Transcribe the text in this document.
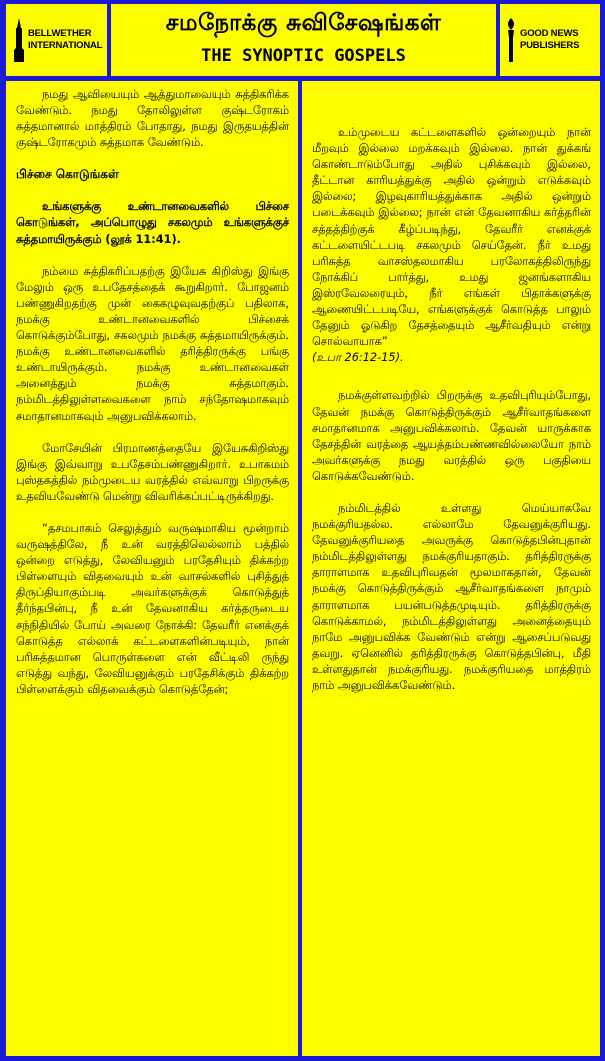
BELLWETHER
INTERNATIONAL
சமநோக்கு சுவிசேஷங்கள்
THE SYNOPTIC GOSPELS
GOOD NEWS
PUBLISHERS

நமது ஆவியையும் ஆத்துமாவையும் சுத்திகரிக்க வேண்டும். நமது தோலிலுள்ள குஷ்டரோகம் சுத்தமானால் மாத்திரம் போதாது, நமது இருதயத்தின் குஷ்டரோகமும் சுத்தமாக வேண்டும்.

பிச்சை கொடுங்கள்

உங்களுக்கு உண்டானவைகளில் பிச்சை கொடுங்கள், அப்பொழுது சகலமும் உங்களுக்குச் சுத்தமாயிருக்கும் (லூக் 11:41).

நம்மை சுத்திகரிப்பதற்கு இயேசு கிறிஸ்து இங்கு மேலும் ஒரு உபதேசத்தைக் கூறுகிறார். போஜனம் பண்ணுகிறதற்கு முன் கைகழுவுவதற்குப் பதிலாக, நமக்கு உண்டானவைகளில் பிச்சைக் கொடுக்கும்போது, சகலமும் நமக்கு சுத்தமாயிருக்கும். நமக்கு உண்டானவைகளில் தரித்திரருக்கு பங்கு உண்டாயிருக்கும். நமக்கு உண்டானவைகள் அனைத்தும் நமக்கு சுத்தமாகும். நம்மிடத்திலுள்ளவைகளை நாம் சந்தோஷமாகவும் சமாதானமாகவும் அனுபவிக்கலாம்.

மோசேயின் பிரமாணத்தையே இயேசுகிறிஸ்து இங்கு இவ்வாறு உபதேசம்பண்ணுகிறார். உபாகமம் புஸ்தகத்தில் நம்முடைய வரத்தில் எவ்வாறு பிறருக்கு உதவியவேண்டு மென்று விவரிக்கப்பட்டிருக்கிறது.

“தசமபாகம் செலுத்தும் வருஷமாகிய மூன்றாம் வருஷத்திலே, நீ உன் வரத்திலெல்லாம் பத்தில் ஒன்றை எடுத்து, லேவியனும் பரதேசியும் திக்கற்ற பிள்ளையும் விதவையும் உன் வாசல்களில் புசித்துத் திருப்தியாகும்படி அவர்களுக்குக் கொடுத்துத் தீர்ந்தபின்பு, நீ உன் தேவனாகிய கர்த்தருடைய சந்நிதியில் போய் அவரை நோக்கி: தேவரீர் எனக்குக் கொடுத்த எல்லாக் கட்டளைகளின்படியும், நான் பரிசுத்தமான பொருள்களை என் வீட்டிலி ருந்து எடுத்து வந்து, லேவியனுக்கும் பரதேசிக்கும் திக்கற்ற பிள்ளைக்கும் விதவைக்கும் கொடுத்தேன்;

உம்முடைய கட்டளைகளில் ஒன்றையும் நான் மீறவும் இல்லை மறக்கவும் இல்லை. நான் துக்கங் கொண்டாடும்போது அதில் புசிக்கவும் இல்லை, தீட்டான காரியத்துக்கு அதில் ஒன்றும் எடுக்கவும் இல்லை; இழவுகாரியத்துக்காக அதில் ஒன்றும் படைக்கவும் இல்லை; நான் என் தேவனாகிய கர்த்தரின் சத்தத்திற்குக் கீழ்ப்படிந்து, தேவரீர் எனக்குக் கட்டளையிட்டபடி சகலமும் செய்தேன். நீர் உமது பரிசுத்த வாசஸ்தலமாகிய பரலோகத்திலிருந்து நோக்கிப் பார்த்து, உமது ஜனங்களாகிய இஸ்ரவேலரையும், நீர் எங்கள் பிதாக்களுக்கு ஆணையிட்டபடியே, எங்களுக்குக் கொடுத்த பாலும் தேனும் ஓடுகிற தேசத்தையும் ஆசீர்வதியும் என்று சொல்வாயாக”

(உபா 26:12-15).

நமக்குள்ளவற்றில் பிறருக்கு உதவிபுரியும்போது, தேவன் நமக்கு கொடுத்திருக்கும் ஆசீர்வாதங்களை சமாதானமாக அனுபவிக்கலாம். தேவன் யாருக்காக தேசத்தின் வரத்தை ஆயத்தம்பண்ணவில்லையோ நாம் அவர்களுக்கு நமது வரத்தில் ஒரு பகுதியை கொடுக்கவேண்டும்.

நம்மிடத்தில் உள்ளது மெய்யாகவே நமக்குரியதல்ல. எல்லாமே தேவனுக்குரியது. தேவனுக்குரியதை அவருக்கு கொடுத்தபின்புதான் நம்மிடத்திலுள்ளது நமக்குரியதாகும். தரித்திரருக்கு தாராளமாக உதவிபுரிவதன் மூலமாகதான், தேவன் நமக்கு கொடுத்திருக்கும் ஆசீர்வாதங்களை நாமும் தாராளமாக பயன்படுத்தமுடியும். தரித்திரருக்கு கொடுக்காமல், நம்மிடத்திலுள்ளது அனைத்தையும் நாமே அனுபவிக்க வேண்டும் என்று ஆசைப்படுவது தவறு. ஏனெனில் தரித்திரருக்கு கொடுத்தபின்பு, மீதி உள்ளதுதான் நமக்குரியது. நமக்குரியதை மாத்திரம் நாம் அனுபவிக்கவேண்டும்.
